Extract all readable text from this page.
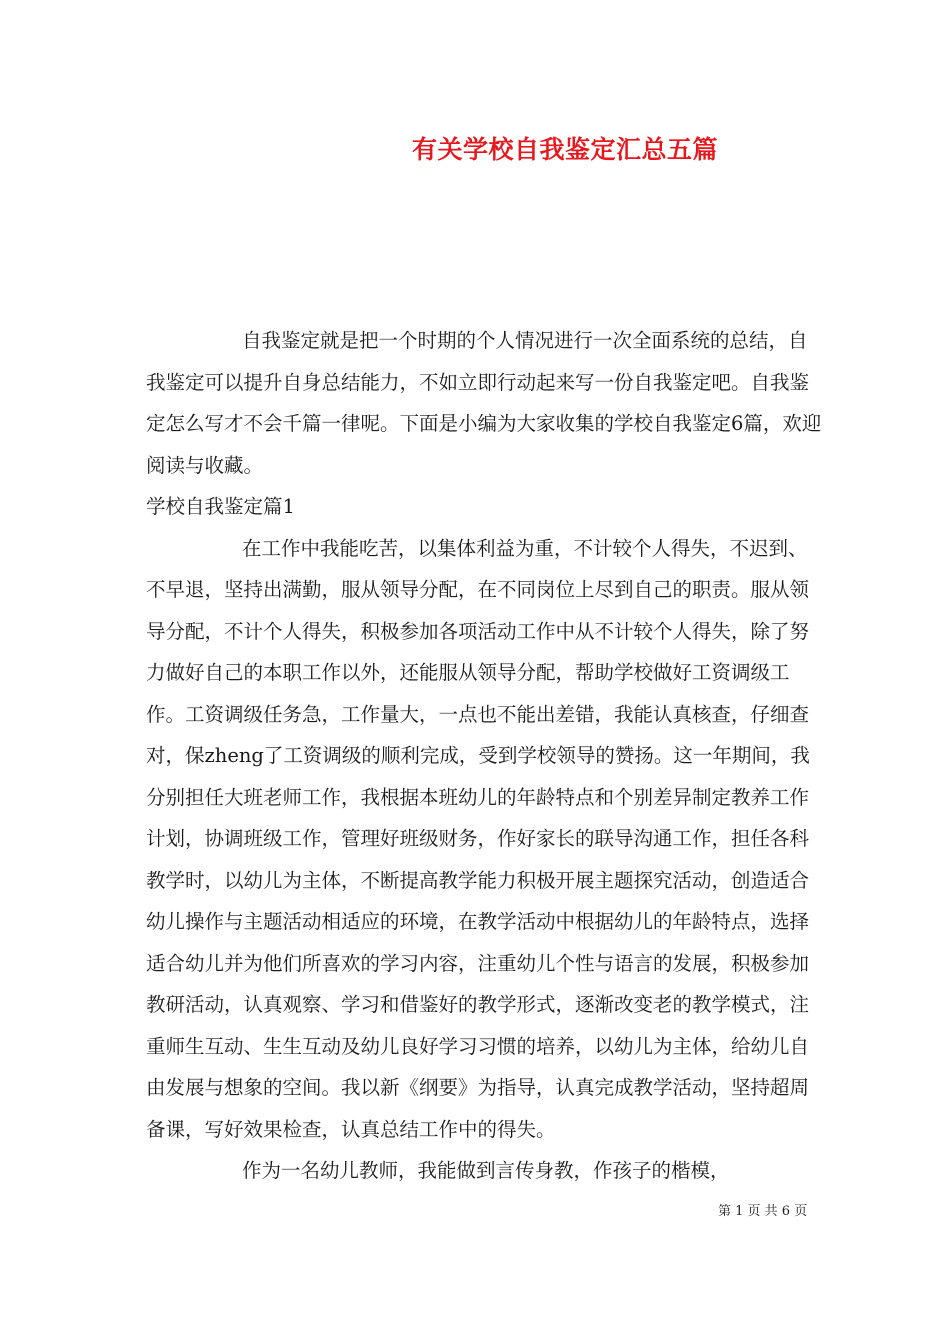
有关学校自我鉴定汇总五篇

自我鉴定就是把一个时期的个人情况进行一次全面系统的总结，自我鉴定可以提升自身总结能力，不如立即行动起来写一份自我鉴定吧。自我鉴定怎么写才不会千篇一律呢。下面是小编为大家收集的学校自我鉴定6篇，欢迎阅读与收藏。

学校自我鉴定篇1

在工作中我能吃苦，以集体利益为重，不计较个人得失，不迟到、不早退，坚持出满勤，服从领导分配，在不同岗位上尽到自己的职责。服从领导分配，不计个人得失，积极参加各项活动工作中从不计较个人得失，除了努力做好自己的本职工作以外，还能服从领导分配，帮助学校做好工资调级工作。工资调级任务急，工作量大，一点也不能出差错，我能认真核查，仔细查对，保zheng了工资调级的顺利完成，受到学校领导的赞扬。这一年期间，我分别担任大班老师工作，我根据本班幼儿的年龄特点和个别差异制定教养工作计划，协调班级工作，管理好班级财务，作好家长的联导沟通工作，担任各科教学时，以幼儿为主体，不断提高教学能力积极开展主题探究活动，创造适合幼儿操作与主题活动相适应的环境，在教学活动中根据幼儿的年龄特点，选择适合幼儿并为他们所喜欢的学习内容，注重幼儿个性与语言的发展，积极参加教研活动，认真观察、学习和借鉴好的教学形式，逐渐改变老的教学模式，注重师生互动、生生互动及幼儿良好学习习惯的培养，以幼儿为主体，给幼儿自由发展与想象的空间。我以新《纲要》为指导，认真完成教学活动，坚持超周备课，写好效果检查，认真总结工作中的得失。

作为一名幼儿教师，我能做到言传身教，作孩子的楷模，

第 1 页 共 6 页
